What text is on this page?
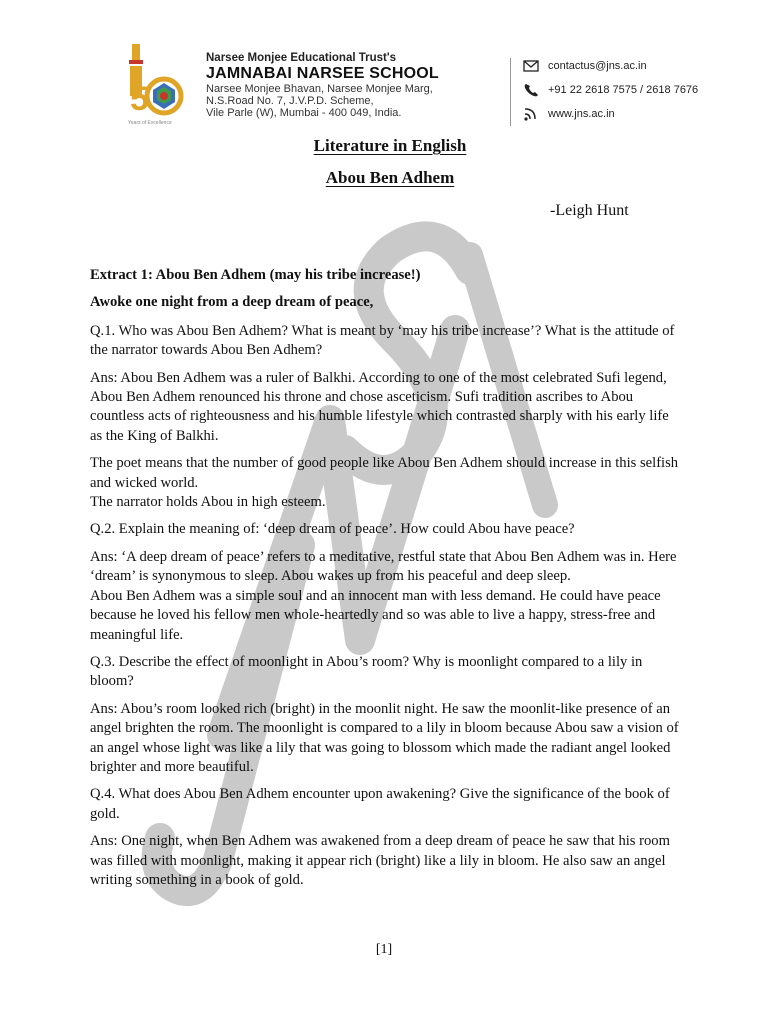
5
Years of Excellence
Narsee Monjee Educational Trust's
JAMNABAI NARSEE SCHOOL
Narsee Monjee Bhavan, Narsee Monjee Marg,
N.S.Road No. 7, J.V.P.D. Scheme,
Vile Parle (W), Mumbai - 400 049, India.
contactus@jns.ac.in
+91 22 2618 7575 / 2618 7676
www.jns.ac.in
Literature in English
Abou Ben Adhem
-Leigh Hunt

Extract 1: Abou Ben Adhem (may his tribe increase!)

Awoke one night from a deep dream of peace,

Q.1. Who was Abou Ben Adhem? What is meant by ‘may his tribe increase’? What is the attitude of the narrator towards Abou Ben Adhem?

Ans: Abou Ben Adhem was a ruler of Balkhi. According to one of the most celebrated Sufi legend, Abou Ben Adhem renounced his throne and chose asceticism. Sufi tradition ascribes to Abou countless acts of righteousness and his humble lifestyle which contrasted sharply with his early life as the King of Balkhi.

The poet means that the number of good people like Abou Ben Adhem should increase in this selfish and wicked world.

The narrator holds Abou in high esteem.

Q.2. Explain the meaning of: ‘deep dream of peace’. How could Abou have peace?

Ans: ‘A deep dream of peace’ refers to a meditative, restful state that Abou Ben Adhem was in. Here ‘dream’ is synonymous to sleep. Abou wakes up from his peaceful and deep sleep.

Abou Ben Adhem was a simple soul and an innocent man with less demand. He could have peace because he loved his fellow men whole-heartedly and so was able to live a happy, stress-free and meaningful life.

Q.3. Describe the effect of moonlight in Abou’s room? Why is moonlight compared to a lily in bloom?

Ans: Abou’s room looked rich (bright) in the moonlit night. He saw the moonlit-like presence of an angel brighten the room. The moonlight is compared to a lily in bloom because Abou saw a vision of an angel whose light was like a lily that was going to blossom which made the radiant angel looked brighter and more beautiful.

Q.4. What does Abou Ben Adhem encounter upon awakening? Give the significance of the book of gold.

Ans: One night, when Ben Adhem was awakened from a deep dream of peace he saw that his room was filled with moonlight, making it appear rich (bright) like a lily in bloom. He also saw an angel writing something in a book of gold.

[1]
